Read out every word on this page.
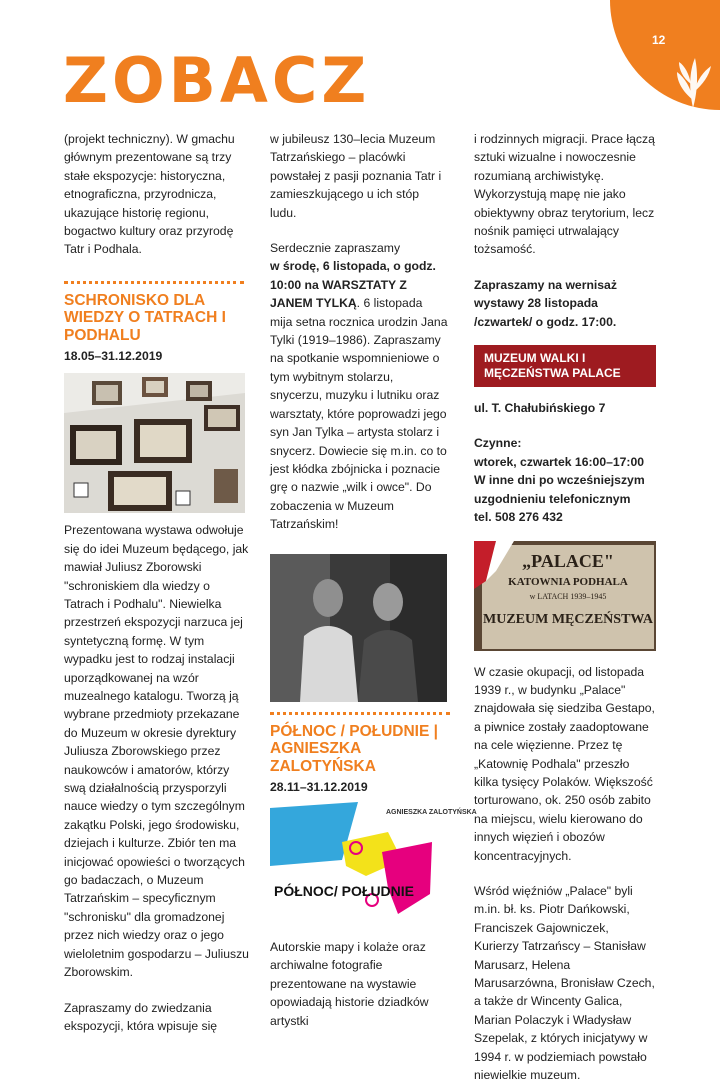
12
ZOBACZ

(projekt techniczny). W gmachu głównym prezentowane są trzy stałe ekspozycje: historyczna, etnograficzna, przyrodnicza, ukazujące historię regionu, bogactwo kultury oraz przyrodę Tatr i Podhala.

SCHRONISKO DLA WIEDZY O TATRACH I PODHALU

18.05–31.12.2019

Prezentowana wystawa odwołuje się do idei Muzeum będącego, jak mawiał Juliusz Zborowski "schroniskiem dla wiedzy o Tatrach i Podhalu". Niewielka przestrzeń ekspozycji narzuca jej syntetyczną formę. W tym wypadku jest to rodzaj instalacji uporządkowanej na wzór muzealnego katalogu. Tworzą ją wybrane przedmioty przekazane do Muzeum w okresie dyrektury Juliusza Zborowskiego przez naukowców i amatorów, którzy swą działalnością przysporzyli nauce wiedzy o tym szczególnym zakątku Polski, jego środowisku, dziejach i kulturze. Zbiór ten ma inicjować opowieści o tworzących go badaczach, o Muzeum Tatrzańskim – specyficznym "schronisku" dla gromadzonej przez nich wiedzy oraz o jego wieloletnim gospodarzu – Juliuszu Zborowskim.

Zapraszamy do zwiedzania ekspozycji, która wpisuje się

w jubileusz 130–lecia Muzeum Tatrzańskiego – placówki powstałej z pasji poznania Tatr i zamieszkującego u ich stóp ludu.

Serdecznie zapraszamy

w środę, 6 listopada, o godz. 10:00 na WARSZTATY Z JANEM TYLKĄ. 6 listopada mija setna rocznica urodzin Jana Tylki (1919–1986). Zapraszamy na spotkanie wspomnieniowe o tym wybitnym stolarzu, snycerzu, muzyku i lutniku oraz warsztaty, które poprowadzi jego syn Jan Tylka – artysta stolarz i snycerz. Dowiecie się m.in. co to jest kłódka zbójnicka i poznacie grę o nazwie „wilk i owce". Do zobaczenia w Muzeum Tatrzańskim!

PÓŁNOC / POŁUDNIE | AGNIESZKA ZALOTYŃSKA

28.11–31.12.2019

AGNIESZKA ZALOTYŃSKA
PÓŁNOC/ POŁUDNIE

Autorskie mapy i kolaże oraz archiwalne fotografie prezentowane na wystawie opowiadają historie dziadków artystki

i rodzinnych migracji. Prace łączą sztuki wizualne i nowoczesnie rozumianą archiwistykę. Wykorzystują mapę nie jako obiektywny obraz terytorium, lecz nośnik pamięci utrwalający tożsamość.

Zapraszamy na wernisaż wystawy 28 listopada /czwartek/ o godz. 17:00.

MUZEUM WALKI I MĘCZEŃSTWA PALACE

ul. T. Chałubińskiego 7

Czynne:

wtorek, czwartek 16:00–17:00

W inne dni po wcześniejszym uzgodnieniu telefonicznym

tel. 508 276 432

„PALACE"
KATOWNIA PODHALA
w LATACH 1939–1945
MUZEUM MĘCZEŃSTWA

W czasie okupacji, od listopada 1939 r., w budynku „Palace" znajdowała się siedziba Gestapo, a piwnice zostały zaadoptowane na cele więzienne. Przez tę „Katownię Podhala" przeszło kilka tysięcy Polaków. Większość torturowano, ok. 250 osób zabito na miejscu, wielu kierowano do innych więzień i obozów koncentracyjnych.

Wśród więźniów „Palace" byli m.in. bł. ks. Piotr Dańkowski, Franciszek Gajowniczek, Kurierzy Tatrzańscy – Stanisław Marusarz, Helena Marusarzówna, Bronisław Czech, a także dr Wincenty Galica, Marian Polaczyk i Władysław Szepelak, z których inicjatywy w 1994 r. w podziemiach powstało niewielkie muzeum.
